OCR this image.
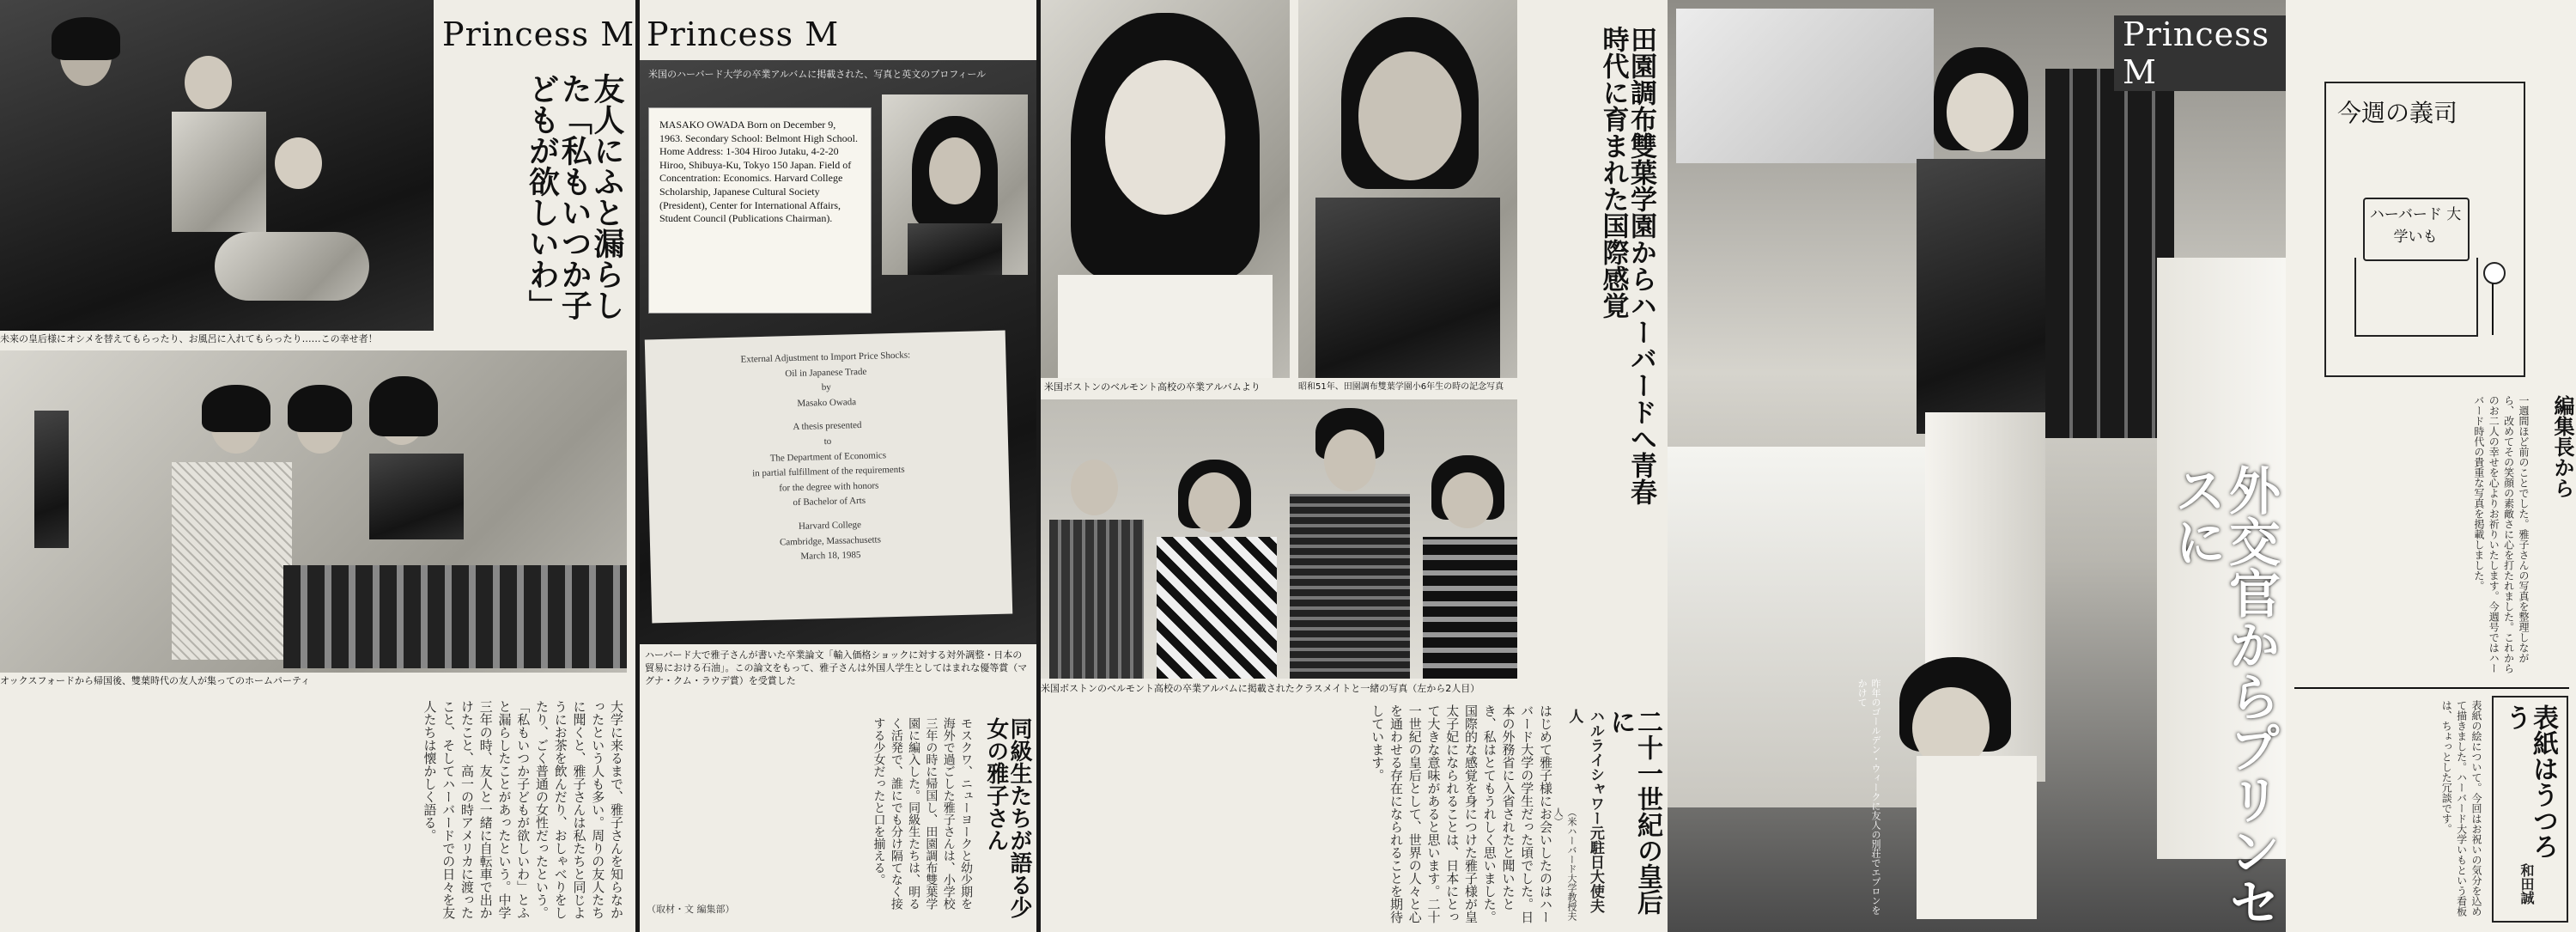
未来の皇后様にオシメを替えてもらったり、お風呂に入れてもらったり……この幸せ者！
オックスフォードから帰国後、雙葉時代の友人が集ってのホームパーティ
Princess M
友人にふと漏らした「私もいつか子どもが欲しいわ」
大学に来るまで、雅子さんを知らなかったという人も多い。周りの友人たちに聞くと、雅子さんは私たちと同じようにお茶を飲んだり、おしゃべりをしたり、ごく普通の女性だったという。「私もいつか子どもが欲しいわ」とふと漏らしたことがあったという。中学三年の時、友人と一緒に自転車で出かけたこと、高一の時アメリカに渡ったこと、そしてハーバードでの日々を友人たちは懐かしく語る。
Princess M
米国のハーバード大学の卒業アルバムに掲載された、写真と英文のプロフィール
MASAKO OWADA Born on December 9, 1963. Secondary School: Belmont High School. Home Address: 1-304 Hiroo Jutaku, 4-2-20 Hiroo, Shibuya-Ku, Tokyo 150 Japan. Field of Concentration: Economics. Harvard College Scholarship, Japanese Cultural Society (President), Center for International Affairs, Student Council (Publications Chairman).
External Adjustment to Import Price Shocks:
Oil in Japanese Trade
by
Masako Owada
A thesis presented
to
The Department of Economics
in partial fulfillment of the requirements
for the degree with honors
of Bachelor of Arts
Harvard College
Cambridge, Massachusetts
March 18, 1985
ハーバード大で雅子さんが書いた卒業論文「輸入価格ショックに対する対外調整・日本の貿易における石油」。この論文をもって、雅子さんは外国人学生としてはまれな優等賞（マグナ・クム・ラウデ賞）を受賞した
同級生たちが語る少女の雅子さん
モスクワ、ニューヨークと幼少期を海外で過ごした雅子さんは、小学校三年の時に帰国し、田園調布雙葉学園に編入した。同級生たちは、明るく活発で、誰にでも分け隔てなく接する少女だったと口を揃える。
（取材・文 編集部）
米国ボストンのベルモント高校の卒業アルバムより	昭和51年、田園調布雙葉学園小6年生の時の記念写真
米国ボストンのベルモント高校の卒業アルバムに掲載されたクラスメイトと一緒の写真（左から2人目）
田園調布雙葉学園からハーバードへ青春時代に育まれた国際感覚
二十一世紀の皇后に
ハルライシャワー元駐日大使夫人
（米ハーバード大学教授夫人）
はじめて雅子様にお会いしたのはハーバード大学の学生だった頃でした。日本の外務省に入省されたと聞いたとき、私はとてもうれしく思いました。国際的な感覚を身につけた雅子様が皇太子妃になられることは、日本にとって大きな意味があると思います。二十一世紀の皇后として、世界の人々と心を通わせる存在になられることを期待しています。
Princess M
外交官からプリンセスに
昨年のゴールデン・ウィークに友人の別荘でエプロンをかけて
今週の義司
ハーバード 大学いも
編集長から
一週間ほど前のことでした。雅子さんの写真を整理しながら、改めてその笑顔の素敵さに心を打たれました。これからのお二人の幸せを心よりお祈りいたします。今週号ではハーバード時代の貴重な写真を掲載しました。
表紙はうつろう
和田誠
表紙の絵について。今回はお祝いの気分を込めて描きました。ハーバード大学いもという看板は、ちょっとした冗談です。
